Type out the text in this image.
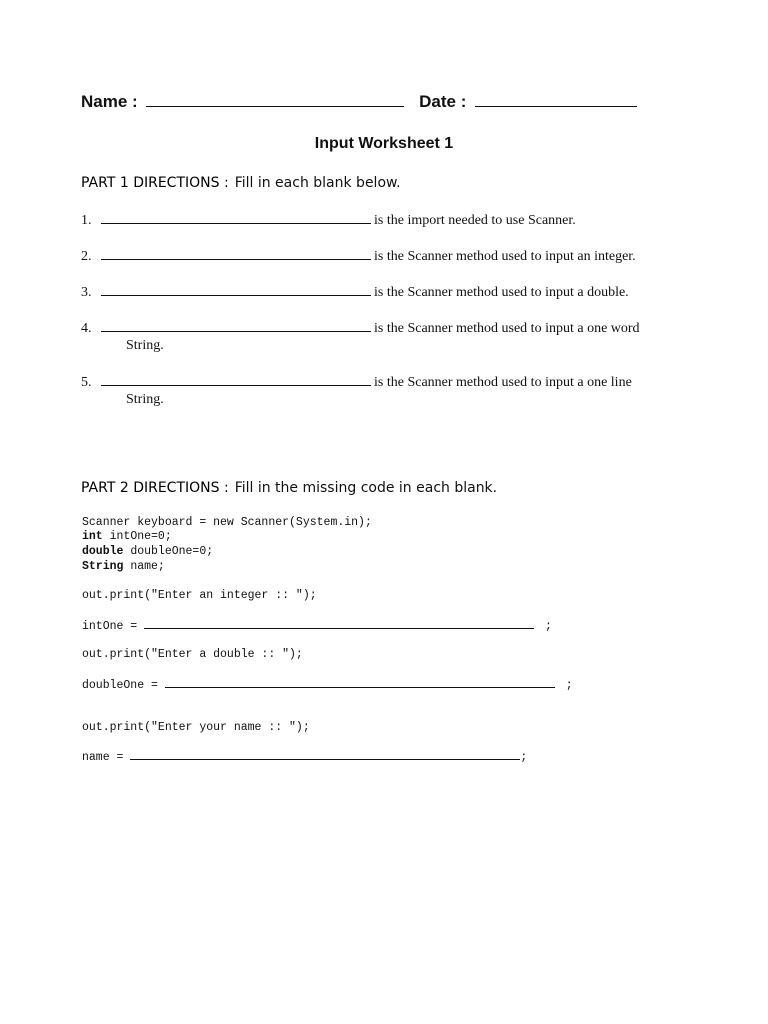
Name :	Date :
Input Worksheet 1
PART 1 DIRECTIONS : Fill in each blank below.
1.	is the import needed to use Scanner.
2.	is the Scanner method used to input an integer.
3.	is the Scanner method used to input a double.
4.	is the Scanner method used to input a one word
String.
5.	is the Scanner method used to input a one line
String.
PART 2 DIRECTIONS : Fill in the missing code in each blank.
Scanner keyboard = new Scanner(System.in);
int intOne=0;
double doubleOne=0;
String name;
out.print("Enter an integer :: ");
intOne =	;
out.print("Enter a double :: ");
doubleOne =	;
out.print("Enter your name :: ");
name =	;
